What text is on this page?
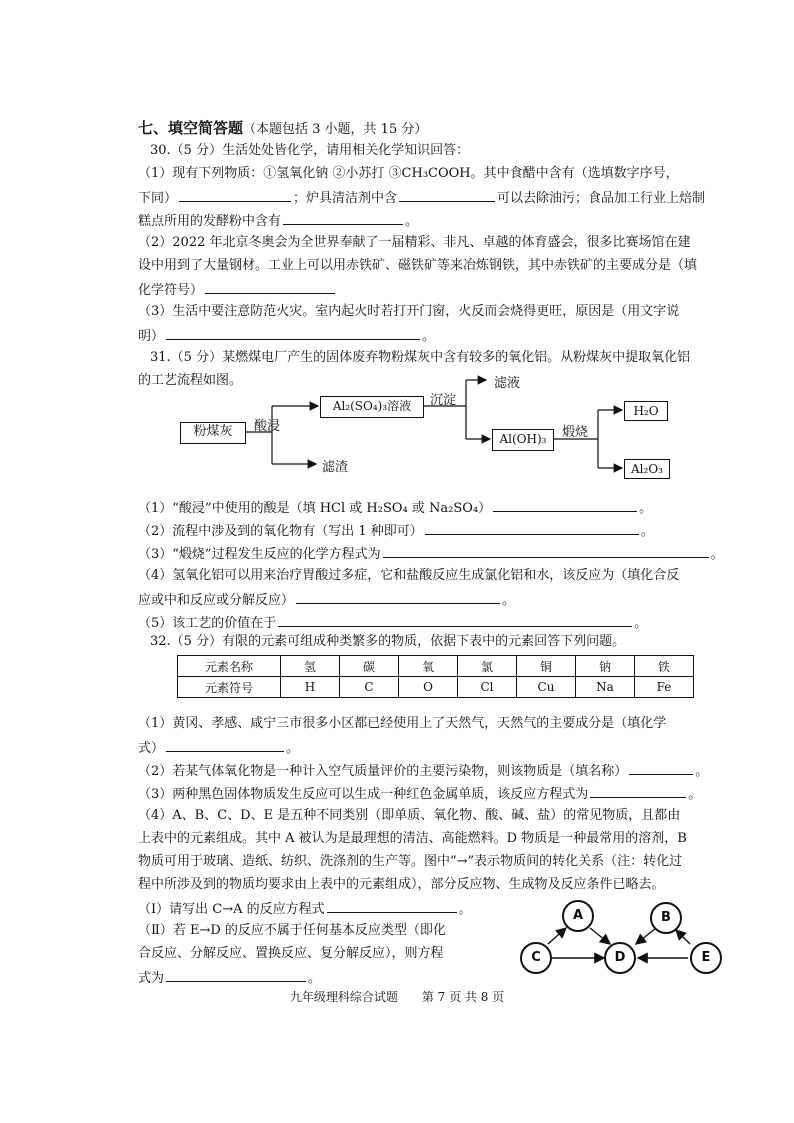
七、填空简答题（本题包括 3 小题，共 15 分）
30.（5 分）生活处处皆化学，请用相关化学知识回答：
（1）现有下列物质：①氢氧化钠 ②小苏打 ③CH₃COOH。其中食醋中含有（选填数字序号，
下同）	；炉具清洁剂中含	可以去除油污；食品加工行业上焙制
糕点所用的发酵粉中含有	。
（2）2022 年北京冬奥会为全世界奉献了一届精彩、非凡、卓越的体育盛会，很多比赛场馆在建
设中用到了大量钢材。工业上可以用赤铁矿、磁铁矿等来冶炼钢铁，其中赤铁矿的主要成分是（填
化学符号）
（3）生活中要注意防范火灾。室内起火时若打开门窗，火反而会烧得更旺，原因是（用文字说
明）	。
31.（5 分）某燃煤电厂产生的固体废弃物粉煤灰中含有较多的氧化铝。从粉煤灰中提取氧化铝
的工艺流程如图。
粉煤灰	酸浸
Al₂(SO₄)₃溶液	沉淀
滤液
滤渣
Al(OH)₃	煅烧
H₂O
Al₂O₃
（1）“酸浸”中使用的酸是（填 HCl 或 H₂SO₄ 或 Na₂SO₄）	。
（2）流程中涉及到的氧化物有（写出 1 种即可）	。
（3）“煅烧”过程发生反应的化学方程式为	。
（4）氢氧化铝可以用来治疗胃酸过多症，它和盐酸反应生成氯化铝和水，该反应为（填化合反
应或中和反应或分解反应）	。
（5）该工艺的价值在于	。
32.（5 分）有限的元素可组成种类繁多的物质，依据下表中的元素回答下列问题。
元素名称	氢	碳	氧	氯	铜	钠	铁
元素符号	H	C	O	Cl	Cu	Na	Fe
（1）黄冈、孝感、咸宁三市很多小区都已经使用上了天然气，天然气的主要成分是（填化学
式）	。
（2）若某气体氧化物是一种计入空气质量评价的主要污染物，则该物质是（填名称）	。
（3）两种黑色固体物质发生反应可以生成一种红色金属单质，该反应方程式为	。
（4）A、B、C、D、E 是五种不同类别（即单质、氧化物、酸、碱、盐）的常见物质，且都由
上表中的元素组成。其中 A 被认为是最理想的清洁、高能燃料。D 物质是一种最常用的溶剂，B
物质可用于玻璃、造纸、纺织、洗涤剂的生产等。图中“→”表示物质间的转化关系（注：转化过
程中所涉及到的物质均要求由上表中的元素组成），部分反应物、生成物及反应条件已略去。
（Ⅰ）请写出 C→A 的反应方程式	。
（Ⅱ）若 E→D 的反应不属于任何基本反应类型（即化
合反应、分解反应、置换反应、复分解反应），则方程
式为	。
A	B
C	D	E
九年级理科综合试题　　第 7 页 共 8 页
